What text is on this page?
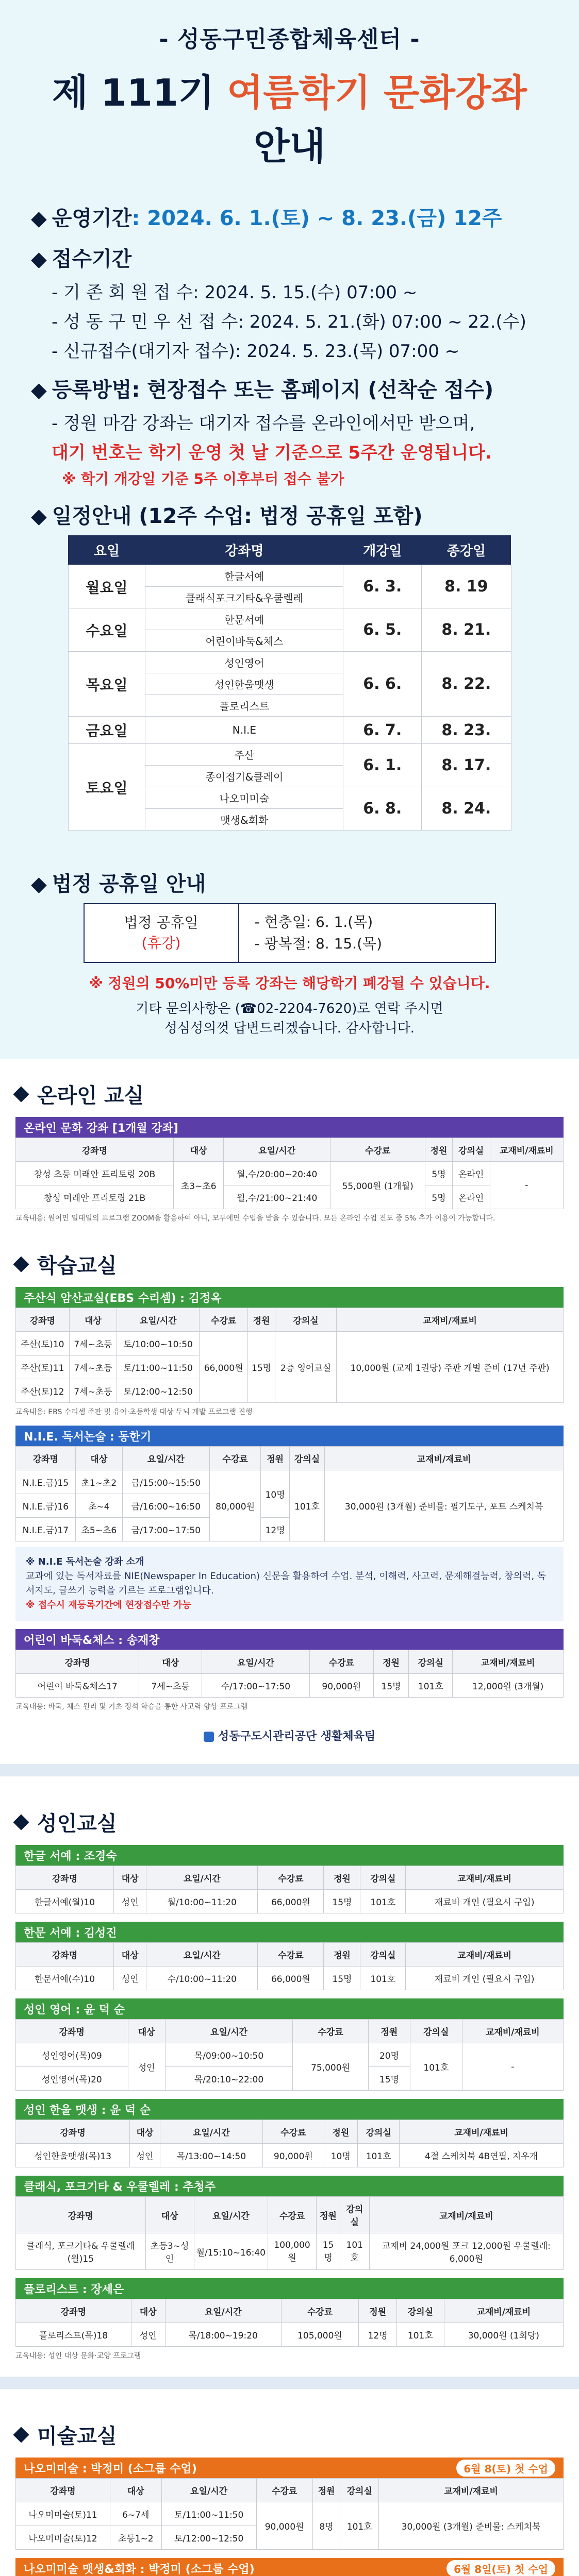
- 성동구민종합체육센터 -
제 111기 여름학기 문화강좌 안내
◆ 운영기간: 2024. 6. 1.(토) ~ 8. 23.(금) 12주
◆ 접수기간
- 기 존 회 원 접 수: 2024. 5. 15.(수) 07:00 ~
- 성 동 구 민 우 선 접 수: 2024. 5. 21.(화) 07:00 ~ 22.(수)
- 신규접수(대기자 접수): 2024. 5. 23.(목) 07:00 ~
◆ 등록방법: 현장접수 또는 홈페이지 (선착순 접수)
- 정원 마감 강좌는 대기자 접수를 온라인에서만 받으며,
대기 번호는 학기 운영 첫 날 기준으로 5주간 운영됩니다.
※ 학기 개강일 기준 5주 이후부터 접수 불가
◆ 일정안내 (12주 수업: 법정 공휴일 포함)
요일	강좌명	개강일	종강일
월요일	한글서예	6. 3.	8. 19
	클래식포크기타&우쿨렐레		
수요일	한문서예	6. 5.	8. 21.
	어린이바둑&체스		
목요일	성인영어	6. 6.	8. 22.
	성인한울맷생		
	플로리스트		
금요일	N.I.E	6. 7.	8. 23.
토요일	주산	6. 1.	8. 17.
	종이접기&클레이		
	나오미미술	6. 8.	8. 24.
	맷생&회화		
◆ 법정 공휴일 안내
법정 공휴일
(휴강)
- 현충일: 6. 1.(목)
- 광복절: 8. 15.(목)
※ 정원의 50%미만 등록 강좌는 해당학기 폐강될 수 있습니다.
기타 문의사항은 (☎02-2204-7620)로 연락 주시면
성심성의껏 답변드리겠습니다. 감사합니다.
온라인 교실
온라인 문화 강좌 [1개월 강좌]
강좌명	대상	요일/시간	수강료	정원	강의실	교재비/재료비
창성 초등 미래안 프리토링 20B	초3~초6	월,수/20:00~20:40	55,000원 (1개월)	5명	온라인	-
창성 미래안 프리토링 21B		월,수/21:00~21:40		5명	온라인	
교육내용: 원어민 일대일의 프로그램 ZOOM을 활용하여 아니, 모두에면 수업을 받을 수 있습니다. 모든 온라인 수업 진도 중 5% 추가 이용이 가능합니다.
학습교실
주산식 암산교실(EBS 수리셈) : 김정옥
강좌명	대상	요일/시간	수강료	정원	강의실	교재비/재료비
주산(토)10	7세~초등	토/10:00~10:50	66,000원	15명	2층 영어교실	10,000원 (교재 1권당) 주판 개별 준비 (17년 주판)
주산(토)11	7세~초등	토/11:00~11:50				
주산(토)12	7세~초등	토/12:00~12:50				
교육내용: EBS 수리셈 주판 및 유아·초등학생 대상 두뇌 개발 프로그램 진행
N.I.E. 독서논술 : 동한기
강좌명	대상	요일/시간	수강료	정원	강의실	교재비/재료비
N.I.E.금)15	초1~초2	금/15:00~15:50	80,000원	10명	101호	30,000원 (3개월) 준비물: 필기도구, 포트 스케치북
N.I.E.금)16	초~4	금/16:00~16:50				
N.I.E.금)17	초5~초6	금/17:00~17:50		12명		
※ N.I.E 독서논술 강좌 소개
교과에 있는 독서자료를 NIE(Newspaper In Education) 신문을 활용하여 수업. 분석, 이해력, 사고력, 문제해결능력, 창의력, 독서지도, 글쓰기 능력을 기르는 프로그램입니다.
※ 접수시 재등록기간에 현장접수만 가능
어린이 바둑&체스 : 송재창
강좌명	대상	요일/시간	수강료	정원	강의실	교재비/재료비
어린이 바둑&체스17	7세~초등	수/17:00~17:50	90,000원	15명	101호	12,000원 (3개월)
교육내용: 바둑, 체스 원리 및 기초 정석 학습을 통한 사고력 향상 프로그램
성동구도시관리공단 생활체육팀
성인교실
한글 서예 : 조경숙
강좌명	대상	요일/시간	수강료	정원	강의실	교재비/재료비
한글서예(월)10	성인	월/10:00~11:20	66,000원	15명	101호	재료비 개인 (필요시 구입)
한문 서예 : 김성진
강좌명	대상	요일/시간	수강료	정원	강의실	교재비/재료비
한문서예(수)10	성인	수/10:00~11:20	66,000원	15명	101호	재료비 개인 (필요시 구입)
성인 영어 : 윤 덕 순
강좌명	대상	요일/시간	수강료	정원	강의실	교재비/재료비
성인영어(목)09	성인	목/09:00~10:50	75,000원	20명	101호	-
성인영어(목)20		목/20:10~22:00		15명		
성인 한울 맷생 : 윤 덕 순
강좌명	대상	요일/시간	수강료	정원	강의실	교재비/재료비
성인한울맷생(목)13	성인	목/13:00~14:50	90,000원	10명	101호	4절 스케치북 4B연필, 지우개
클래식, 포크기타 & 우쿨렐레 : 추청주
강좌명	대상	요일/시간	수강료	정원	강의실	교재비/재료비
클래식, 포크기타& 우쿨렐레(월)15	초등3~성인	월/15:10~16:40	100,000원	15명	101호	교재비 24,000원 포크 12,000원 우쿨렐레: 6,000원
플로리스트 : 장세은
강좌명	대상	요일/시간	수강료	정원	강의실	교재비/재료비
플로리스트(목)18	성인	목/18:00~19:20	105,000원	12명	101호	30,000원 (1회당)
교육내용: 성인 대상 문화·교양 프로그램
미술교실
나오미미술 : 박정미 (소그룹 수업)	6월 8(토) 첫 수업
강좌명	대상	요일/시간	수강료	정원	강의실	교재비/재료비
나오미미술(토)11	6~7세	토/11:00~11:50	90,000원	8명	101호	30,000원 (3개월) 준비물: 스케치북
나오미미술(토)12	초등1~2	토/12:00~12:50				
나오미미술 맷생&회화 : 박정미 (소그룹 수업)	6월 8일(토) 첫 수업
